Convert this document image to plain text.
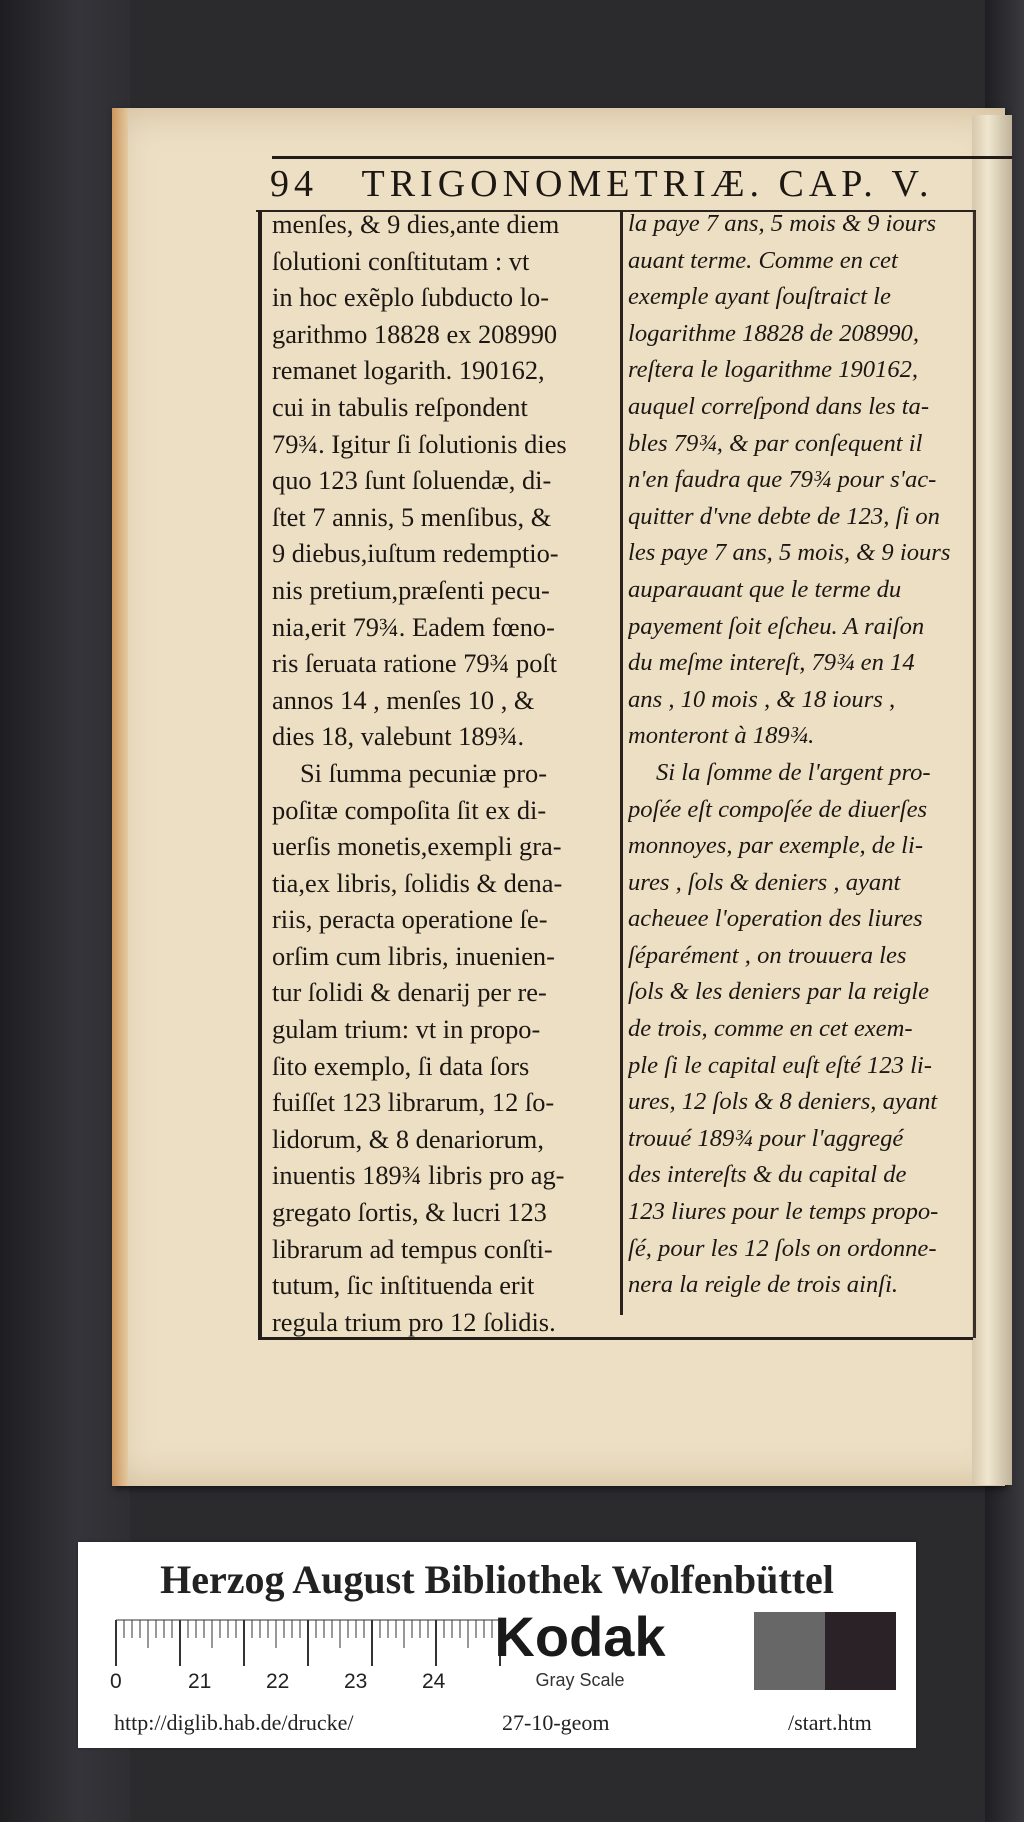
94 TRIGONOMETRIÆ. CAP. V.
menſes, & 9 dies,ante diem
ſolutioni conſtitutam : vt
in hoc exẽplo ſubducto lo-
garithmo 18828 ex 208990
remanet logarith. 190162,
cui in tabulis reſpondent
79¾. Igitur ſi ſolutionis dies
quo 123 ſunt ſoluendæ, di-
ſtet 7 annis, 5 menſibus, &
9 diebus,iuſtum redemptio-
nis pretium,præſenti pecu-
nia,erit 79¾. Eadem fœno-
ris ſeruata ratione 79¾ poſt
annos 14 , menſes 10 , &
dies 18, valebunt 189¾.
Si ſumma pecuniæ pro-
poſitæ compoſita ſit ex di-
uerſis monetis,exempli gra-
tia,ex libris, ſolidis & dena-
riis, peracta operatione ſe-
orſim cum libris, inuenien-
tur ſolidi & denarij per re-
gulam trium: vt in propo-
ſito exemplo, ſi data ſors
fuiſſet 123 librarum, 12 ſo-
lidorum, & 8 denariorum,
inuentis 189¾ libris pro ag-
gregato ſortis, & lucri 123
librarum ad tempus conſti-
tutum, ſic inſtituenda erit
regula trium pro 12 ſolidis.
la paye 7 ans, 5 mois & 9 iours
auant terme. Comme en cet
exemple ayant ſouſtraict le
logarithme 18828 de 208990,
reſtera le logarithme 190162,
auquel correſpond dans les ta-
bles 79¾, & par conſequent il
n'en faudra que 79¾ pour s'ac-
quitter d'vne debte de 123, ſi on
les paye 7 ans, 5 mois, & 9 iours
auparauant que le terme du
payement ſoit eſcheu. A raiſon
du meſme intereſt, 79¾ en 14
ans , 10 mois , & 18 iours ,
monteront à 189¾.
Si la ſomme de l'argent pro-
poſée eſt compoſée de diuerſes
monnoyes, par exemple, de li-
ures , ſols & deniers , ayant
acheuee l'operation des liures
ſéparément , on trouuera les
ſols & les deniers par la reigle
de trois, comme en cet exem-
ple ſi le capital euſt eſté 123 li-
ures, 12 ſols & 8 deniers, ayant
trouué 189¾ pour l'aggregé
des intereſts & du capital de
123 liures pour le temps propo-
ſé, pour les 12 ſols on ordonne-
nera la reigle de trois ainſi.
Herzog August Bibliothek Wolfenbüttel
0	21	22	23	24
Kodak
Gray Scale
http://diglib.hab.de/drucke/	27-10-geom	/start.htm
